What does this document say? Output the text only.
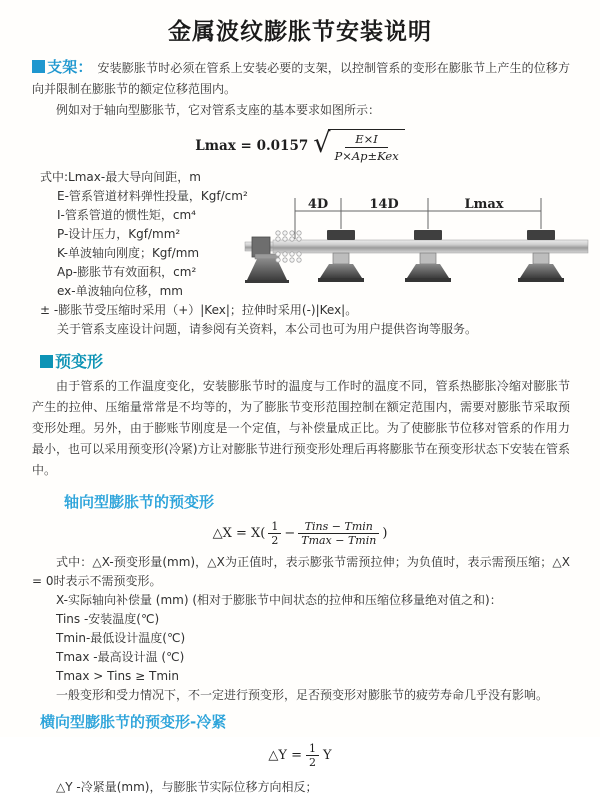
金属波纹膨胀节安装说明

支架： 安装膨胀节时必须在管系上安装必要的支架，以控制管系的变形在膨胀节上产生的位移方向并限制在膨胀节的额定位移范围内。

例如对于轴向型膨胀节，它对管系支座的基本要求如图所示：

Lmax = 0.0157 √
$\frac{E\times I}{\text{P×Ap±Kex}}$
式中:Lmax-最大导向间距，m
E-管系管道材料弹性投量，Kgf/cm²
I-管系管道的惯性矩，cm⁴
P-设计压力，Kgf/mm²
K-单波轴向刚度；Kgf/mm
Ap-膨胀节有效面积，cm²
ex-单波轴向位移，mm
± -膨胀节受压缩时采用（+）|Kex|；拉伸时采用(-)|Kex|。
关于管系支座设计问题，请参阅有关资料，本公司也可为用户提供咨询等服务。
4D	14D	Lmax
预变形

由于管系的工作温度变化，安装膨胀节时的温度与工作时的温度不同，管系热膨胀冷缩对膨胀节产生的拉伸、压缩量常常是不均等的，为了膨胀节变形范围控制在额定范围内，需要对膨胀节采取预变形处理。另外，由于膨账节刚度是一个定值，与补偿量成正比。为了使膨胀节位移对管系的作用力最小，也可以采用预变形(冷紧)方让对膨胀节进行预变形处理后再将膨胀节在预变形状态下安装在管系中。

轴向型膨胀节的预变形
△X = $X( \frac{1}{2} - \frac{\text{Tins − Tmin}}{Tmax - Tmin}$ )
式中：△X-预变形量(mm)，△X为正值时，表示膨张节需预拉伸；为负值时，表示需预压缩；△X = 0时表示不需预变形。
X-实际轴向补偿量 (mm) (相对于膨胀节中间状态的拉伸和压缩位移量绝对值之和)：
Tins -安装温度(℃)
Tmin-最低设计温度(℃)
Tmax -最高设计温 (℃)
Tmax > Tins ≥ Tmin
一般变形和受力情况下，不一定进行预变形，足否预变形对膨胀节的疲劳寿命几乎没有影响。
横向型膨胀节的预变形-冷紧
△Y = $\frac{1}{2}$ Y
△Y -冷紧量(mm)，与膨胀节实际位移方向相反；
